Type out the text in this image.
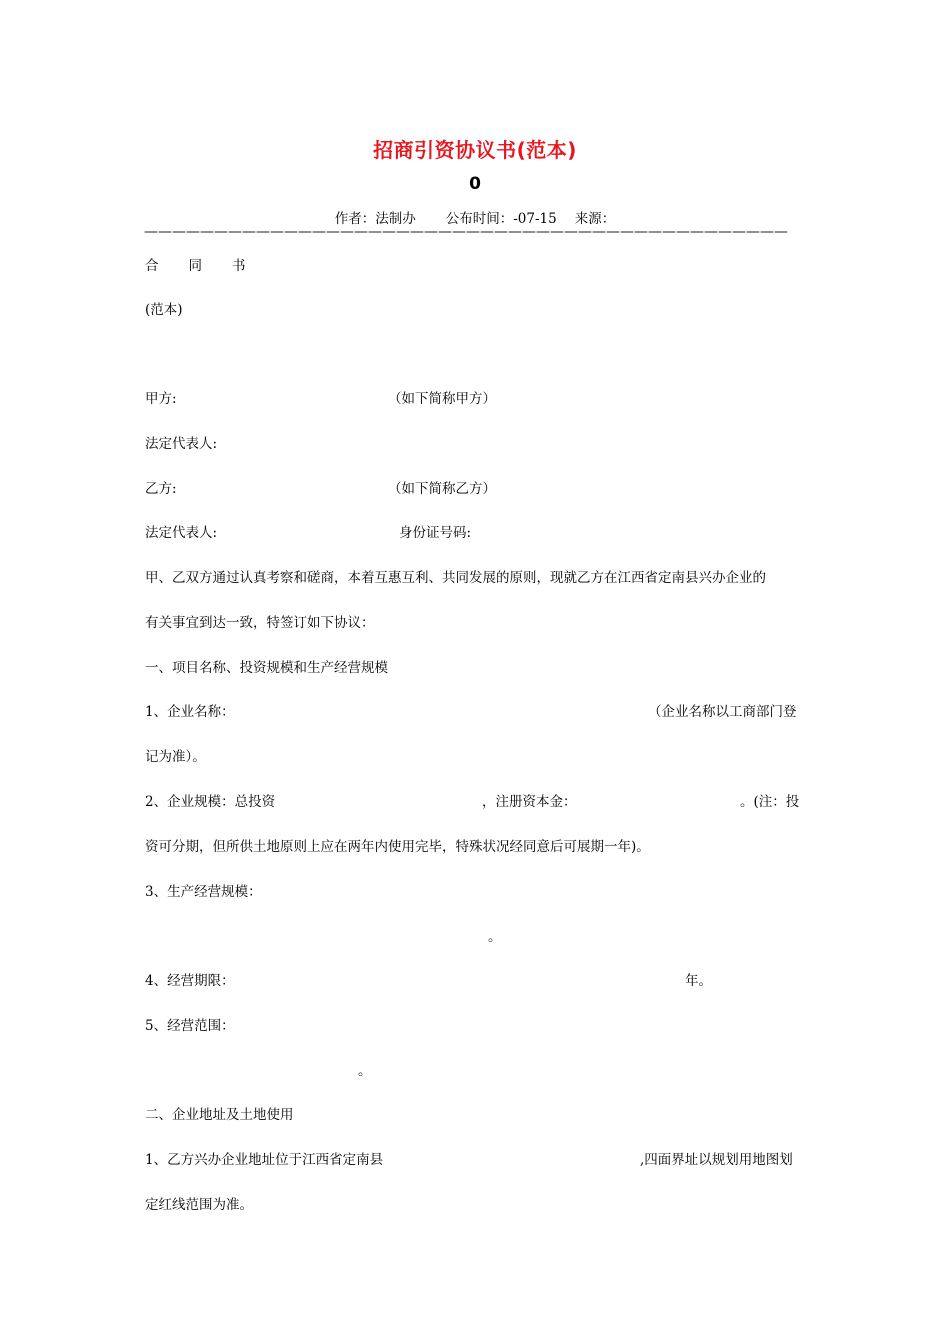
招商引资协议书(范本)
0
作者：法制办 公布时间：-07-15 来源：
——————————————————————————————————————————————
合 同 书
(范本)
甲方:	（如下简称甲方）
法定代表人:
乙方:	（如下简称乙方）
法定代表人:	身份证号码:
甲、乙双方通过认真考察和磋商，本着互惠互利、共同发展的原则，现就乙方在江西省定南县兴办企业的
有关事宜到达一致，特签订如下协议：
一、项目名称、投资规模和生产经营规模
1、企业名称：	（企业名称以工商部门登
记为准）。
2、企业规模：总投资	，注册资本金：	。(注：投
资可分期，但所供土地原则上应在两年内使用完毕，特殊状况经同意后可展期一年)。
3、生产经营规模：
。
4、经营期限：	年。
5、经营范围：
。
二、企业地址及土地使用
1、乙方兴办企业地址位于江西省定南县	,四面界址以规划用地图划
定红线范围为准。
